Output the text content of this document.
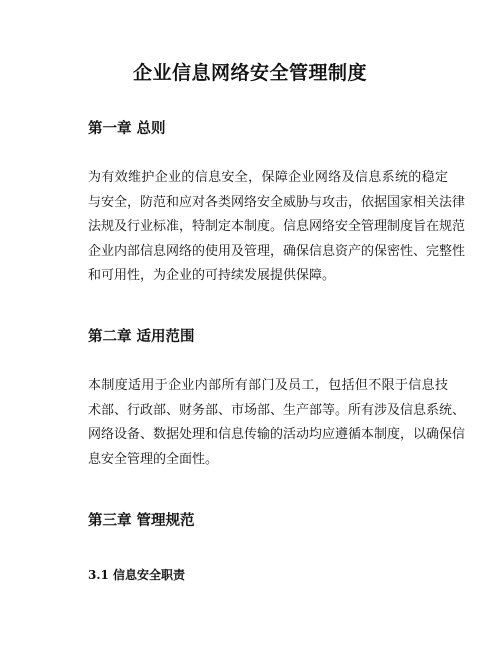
企业信息网络安全管理制度
第一章 总则
为有效维护企业的信息安全，保障企业网络及信息系统的稳定
与安全，防范和应对各类网络安全威胁与攻击，依据国家相关法律
法规及行业标准，特制定本制度。信息网络安全管理制度旨在规范
企业内部信息网络的使用及管理，确保信息资产的保密性、完整性
和可用性，为企业的可持续发展提供保障。
第二章 适用范围
本制度适用于企业内部所有部门及员工，包括但不限于信息技
术部、行政部、财务部、市场部、生产部等。所有涉及信息系统、
网络设备、数据处理和信息传输的活动均应遵循本制度，以确保信
息安全管理的全面性。
第三章 管理规范
3.1 信息安全职责
